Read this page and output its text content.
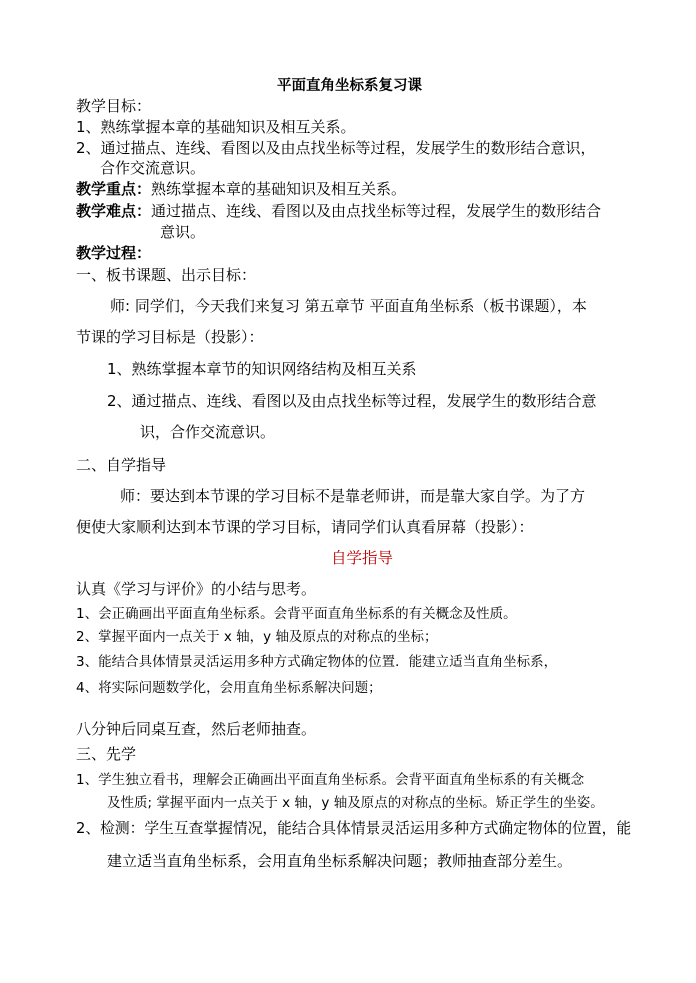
平面直角坐标系复习课
教学目标：
1、熟练掌握本章的基础知识及相互关系。
2、通过描点、连线、看图以及由点找坐标等过程，发展学生的数形结合意识，
合作交流意识。
教学重点：熟练掌握本章的基础知识及相互关系。
教学难点：通过描点、连线、看图以及由点找坐标等过程，发展学生的数形结合
意识。
教学过程：
一、板书课题、出示目标：
师: 同学们，今天我们来复习 第五章节 平面直角坐标系（板书课题），本
节课的学习目标是（投影）：
1、熟练掌握本章节的知识网络结构及相互关系
2、通过描点、连线、看图以及由点找坐标等过程，发展学生的数形结合意
识，合作交流意识。
二、自学指导
师：要达到本节课的学习目标不是靠老师讲，而是靠大家自学。为了方
便使大家顺利达到本节课的学习目标，请同学们认真看屏幕（投影）：
自学指导
认真《学习与评价》的小结与思考。
1、会正确画出平面直角坐标系。会背平面直角坐标系的有关概念及性质。
2、掌握平面内一点关于 x 轴，y 轴及原点的对称点的坐标；
3、能结合具体情景灵活运用多种方式确定物体的位置．能建立适当直角坐标系，
4、将实际问题数学化，会用直角坐标系解决问题；
八分钟后同桌互查，然后老师抽查。
三、先学
1、学生独立看书，理解会正确画出平面直角坐标系。会背平面直角坐标系的有关概念
及性质; 掌握平面内一点关于 x 轴，y 轴及原点的对称点的坐标。矫正学生的坐姿。
2、检测：学生互查掌握情况，能结合具体情景灵活运用多种方式确定物体的位置，能
建立适当直角坐标系，会用直角坐标系解决问题；教师抽查部分差生。
